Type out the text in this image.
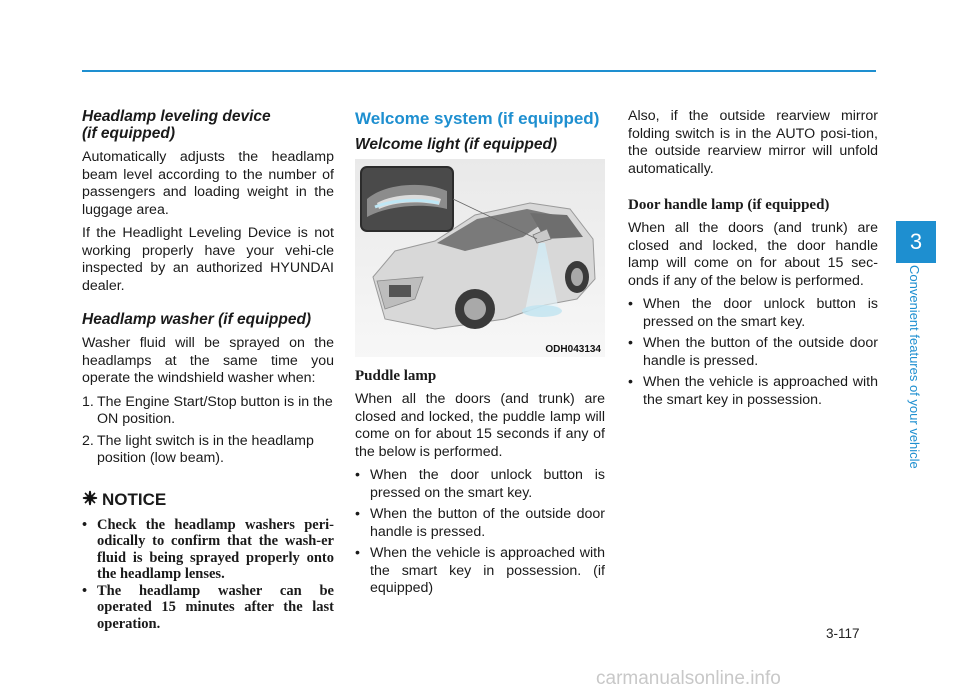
Headlamp leveling device
(if equipped)

Automatically adjusts the headlamp beam level according to the number of passengers and loading weight in the luggage area.

If the Headlight Leveling Device is not working properly have your vehi-cle inspected by an authorized HYUNDAI dealer.

Headlamp washer (if equipped)

Washer fluid will be sprayed on the headlamps at the same time you operate the windshield washer when:

1. The Engine Start/Stop button is in the ON position.
2. The light switch is in the headlamp position (low beam).
NOTICE
• Check the headlamp washers peri-odically to confirm that the wash-er fluid is being sprayed properly onto the headlamp lenses.
• The headlamp washer can be operated 15 minutes after the last operation.
Welcome system (if equipped)
Welcome light (if equipped)
ODH043134
Puddle lamp

When all the doors (and trunk) are closed and locked, the puddle lamp will come on for about 15 seconds if any of the below is performed.

• When the door unlock button is pressed on the smart key.
• When the button of the outside door handle is pressed.
• When the vehicle is approached with the smart key in possession. (if equipped)

Also, if the outside rearview mirror folding switch is in the AUTO posi-tion, the outside rearview mirror will unfold automatically.

Door handle lamp (if equipped)

When all the doors (and trunk) are closed and locked, the door handle lamp will come on for about 15 sec-onds if any of the below is performed.

• When the door unlock button is pressed on the smart key.
• When the button of the outside door handle is pressed.
• When the vehicle is approached with the smart key in possession.
3
Convenient features of your vehicle
3-117
carmanualsonline.info
